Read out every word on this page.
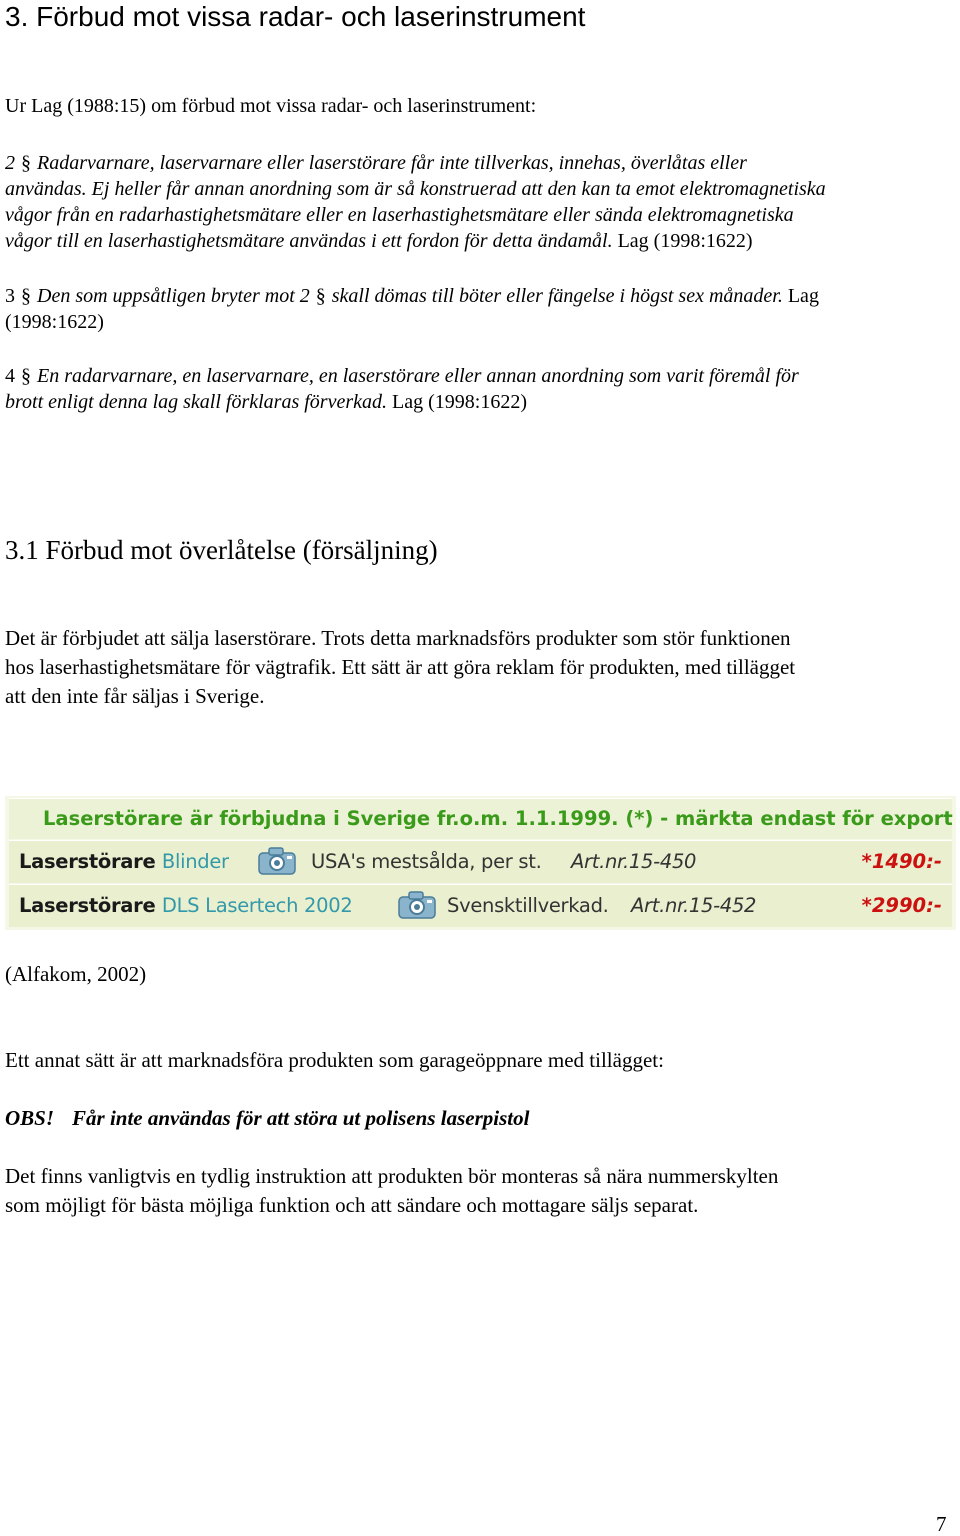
3. Förbud mot vissa radar- och laserinstrument
Ur Lag (1988:15) om förbud mot vissa radar- och laserinstrument:
2 § Radarvarnare, laservarnare eller laserstörare får inte tillverkas, innehas, överlåtas eller
användas. Ej heller får annan anordning som är så konstruerad att den kan ta emot elektromagnetiska
vågor från en radarhastighetsmätare eller en laserhastighetsmätare eller sända elektromagnetiska
vågor till en laserhastighetsmätare användas i ett fordon för detta ändamål. Lag (1998:1622)
3 § Den som uppsåtligen bryter mot 2 § skall dömas till böter eller fängelse i högst sex månader. Lag
(1998:1622)
4 § En radarvarnare, en laservarnare, en laserstörare eller annan anordning som varit föremål för
brott enligt denna lag skall förklaras förverkad. Lag (1998:1622)
3.1 Förbud mot överlåtelse (försäljning)
Det är förbjudet att sälja laserstörare. Trots detta marknadsförs produkter som stör funktionen
hos laserhastighetsmätare för vägtrafik. Ett sätt är att göra reklam för produkten, med tillägget
att den inte får säljas i Sverige.
Laserstörare är förbjudna i Sverige fr.o.m. 1.1.1999. (*) - märkta endast för export
Laserstörare Blinder	USA's mestsålda, per st. Art.nr.15-450	*1490:-
Laserstörare DLS Lasertech 2002	Svensktillverkad. Art.nr.15-452	*2990:-
(Alfakom, 2002)
Ett annat sätt är att marknadsföra produkten som garageöppnare med tillägget:
OBS! Får inte användas för att störa ut polisens laserpistol
Det finns vanligtvis en tydlig instruktion att produkten bör monteras så nära nummerskylten
som möjligt för bästa möjliga funktion och att sändare och mottagare säljs separat.
7
